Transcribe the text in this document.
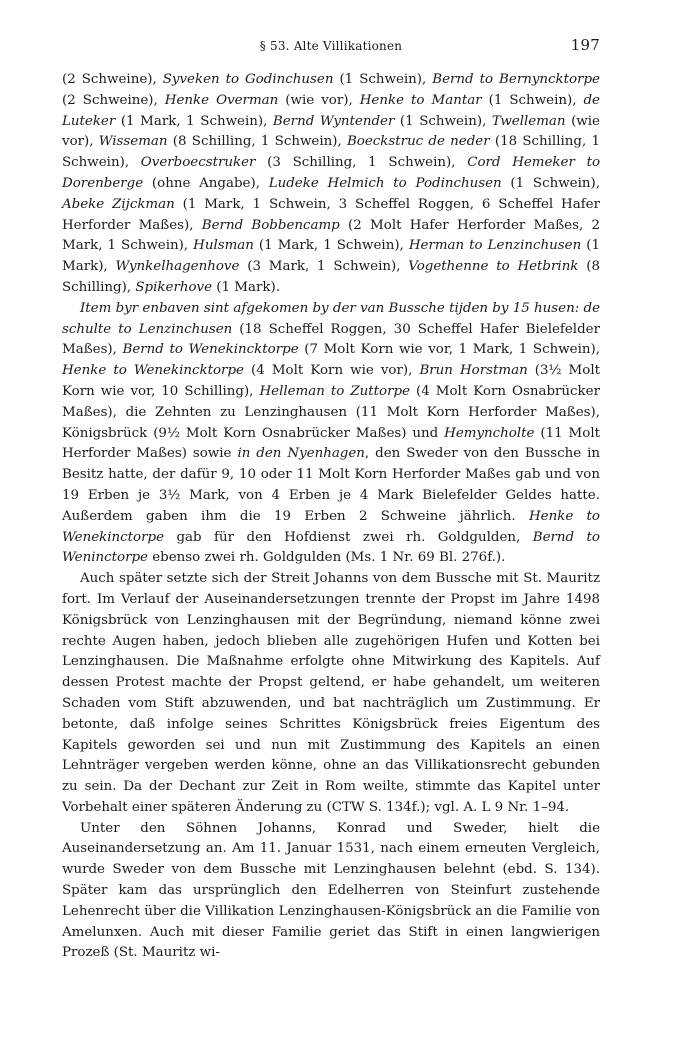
§ 53. Alte Villikationen	197

(2 Schweine), Syveken to Godinchusen (1 Schwein), Bernd to Bernyncktorpe (2 Schweine), Henke Overman (wie vor), Henke to Mantar (1 Schwein), de Luteker (1 Mark, 1 Schwein), Bernd Wyntender (1 Schwein), Twelleman (wie vor), Wisseman (8 Schilling, 1 Schwein), Boeckstruc de neder (18 Schilling, 1 Schwein), Overboecstruker (3 Schilling, 1 Schwein), Cord Hemeker to Dorenberge (ohne Angabe), Ludeke Helmich to Podinchusen (1 Schwein), Abeke Zijckman (1 Mark, 1 Schwein, 3 Scheffel Roggen, 6 Scheffel Hafer Herforder Maßes), Bernd Bobbencamp (2 Molt Hafer Herforder Maßes, 2 Mark, 1 Schwein), Hulsman (1 Mark, 1 Schwein), Herman to Lenzinchusen (1 Mark), Wynkelhagenhove (3 Mark, 1 Schwein), Vogethenne to Hetbrink (8 Schilling), Spikerhove (1 Mark).

Item byr enbaven sint afgekomen by der van Bussche tijden by 15 husen: de schulte to Lenzinchusen (18 Scheffel Roggen, 30 Scheffel Hafer Bielefelder Maßes), Bernd to Wenekincktorpe (7 Molt Korn wie vor, 1 Mark, 1 Schwein), Henke to Wenekincktorpe (4 Molt Korn wie vor), Brun Horstman (3½ Molt Korn wie vor, 10 Schilling), Helleman to Zuttorpe (4 Molt Korn Osnabrücker Maßes), die Zehnten zu Lenzinghausen (11 Molt Korn Herforder Maßes), Königsbrück (9½ Molt Korn Osnabrücker Maßes) und Hemyncholte (11 Molt Herforder Maßes) sowie in den Nyenhagen, den Sweder von den Bussche in Besitz hatte, der dafür 9, 10 oder 11 Molt Korn Herforder Maßes gab und von 19 Erben je 3½ Mark, von 4 Erben je 4 Mark Bielefelder Geldes hatte. Außerdem gaben ihm die 19 Erben 2 Schweine jährlich. Henke to Wenekinctorpe gab für den Hofdienst zwei rh. Goldgulden, Bernd to Weninctorpe ebenso zwei rh. Goldgulden (Ms. 1 Nr. 69 Bl. 276f.).

Auch später setzte sich der Streit Johanns von dem Bussche mit St. Mauritz fort. Im Verlauf der Auseinandersetzungen trennte der Propst im Jahre 1498 Königsbrück von Lenzinghausen mit der Begründung, niemand könne zwei rechte Augen haben, jedoch blieben alle zugehörigen Hufen und Kotten bei Lenzinghausen. Die Maßnahme erfolgte ohne Mitwirkung des Kapitels. Auf dessen Protest machte der Propst geltend, er habe gehandelt, um weiteren Schaden vom Stift abzuwenden, und bat nachträglich um Zustimmung. Er betonte, daß infolge seines Schrittes Königsbrück freies Eigentum des Kapitels geworden sei und nun mit Zustimmung des Kapitels an einen Lehnträger vergeben werden könne, ohne an das Villikationsrecht gebunden zu sein. Da der Dechant zur Zeit in Rom weilte, stimmte das Kapitel unter Vorbehalt einer späteren Änderung zu (CTW S. 134f.); vgl. A. L 9 Nr. 1–94.

Unter den Söhnen Johanns, Konrad und Sweder, hielt die Auseinandersetzung an. Am 11. Januar 1531, nach einem erneuten Vergleich, wurde Sweder von dem Bussche mit Lenzinghausen belehnt (ebd. S. 134). Später kam das ursprünglich den Edelherren von Steinfurt zustehende Lehenrecht über die Villikation Lenzinghausen-Königsbrück an die Familie von Amelunxen. Auch mit dieser Familie geriet das Stift in einen langwierigen Prozeß (St. Mauritz wi-
